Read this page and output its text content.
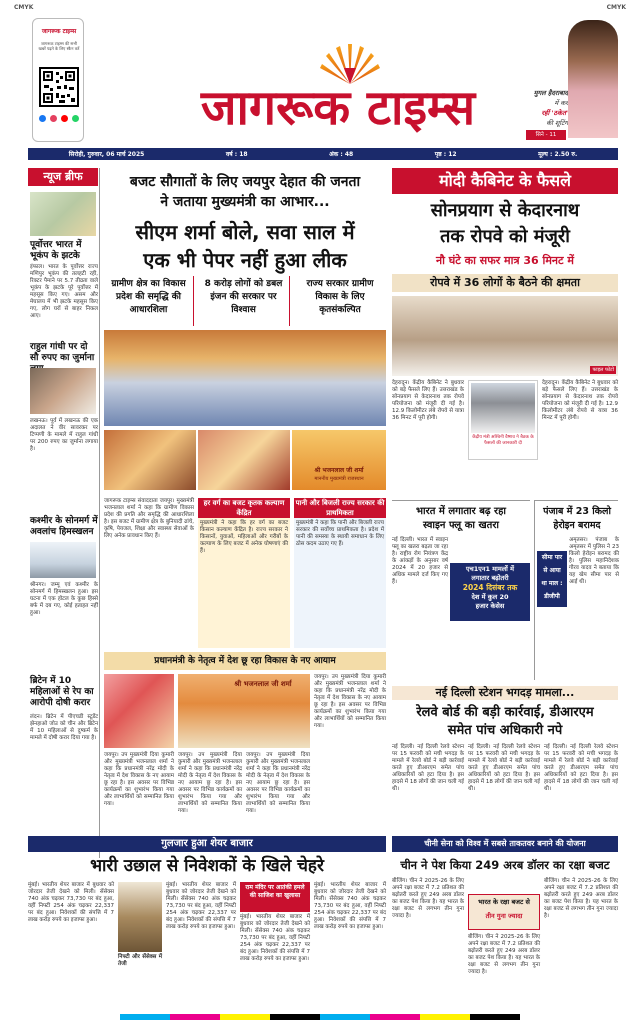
CMYK	CMYK
जागरूक टाइम्स
जागरूक टाइम्स की सभी खबरें पढ़ने के लिए स्कैन करें
जागरूक टाइम्स	मुगल हैदराबाद
में कर
रहीं 'ठकेत'
की शूटिंग
सिने - 11
सिरोही, गुरुवार, 06 मार्च 2025	वर्ष : 18	अंक : 48	पृष्ठ : 12	मूल्य : 2.50 रु.
न्यूज ब्रीफ
पूर्वोत्तर भारत में भूकंप के झटके
इंफाल। भारत के पूर्वोत्तर राज्य मणिपुर भूकंप की तलहटी रही, रिक्टर पैमाने पर 5.7 तीव्रता वाले भूकंप के झटके पूरे पूर्वोत्तर में महसूस किए गए। असम और मेघालय में भी झटके महसूस किए गए, लोग घरों से बाहर निकल आए।
राहुल गांधी पर दो सौ रुपए का जुर्माना
लखनऊ। पूर्व में लखनऊ की एक अदालत ने वीर सावरकर पर टिप्पणी के मामले में राहुल गांधी पर 200 रुपए का जुर्माना लगाया है।
कश्मीर के सोनमर्ग में अवलांच हिमस्खलन
श्रीनगर। जम्मू एवं कश्मीर के सोनमर्ग में हिमस्खलन हुआ। इस घटना में एक होटल के कुछ हिस्से बर्फ में दब गए, कोई हताहत नहीं हुआ।
ब्रिटेन में 10 महिलाओं से रेप का आरोपी दोषी करार
लंदन। ब्रिटेन में पीएचडी स्टूडेंट झेनहाओ जोउ को चीन और ब्रिटेन में 10 महिलाओं से दुष्कर्म के मामले में दोषी करार दिया गया है।
बजट सौगातों के लिए जयपुर देहात की जनता
ने जताया मुख्यमंत्री का आभार...
सीएम शर्मा बोले, सवा साल में
एक भी पेपर नहीं हुआ लीक
ग्रामीण क्षेत्र का विकास प्रदेश की समृद्धि की आधारशिला
8 करोड़ लोगों को डबल इंजन की सरकार पर विश्वास
राज्य सरकार ग्रामीण विकास के लिए कृतसंकल्पित
श्री भजनलाल जी शर्मा
माननीय मुख्यमंत्री राजस्थान
जागरूक टाइम्स संवाददाता जयपुर। मुख्यमंत्री भजनलाल शर्मा ने कहा कि ग्रामीण विकास प्रदेश की प्रगति और समृद्धि की आधारशिला है। इस बजट में ग्रामीण क्षेत्र के बुनियादी ढांचे, कृषि, पेयजल, शिक्षा और स्वास्थ्य सेवाओं के लिए अनेक प्रावधान किए हैं।
हर वर्ग का बजट कृतक कल्याण केंद्रित
मुख्यमंत्री ने कहा कि हर वर्ग का बजट किसान कल्याण केंद्रित है। राज्य सरकार ने किसानों, युवाओं, महिलाओं और गरीबों के कल्याण के लिए बजट में अनेक घोषणाएं की हैं।
पानी और बिजली राज्य सरकार की प्राथमिकता
मुख्यमंत्री ने कहा कि पानी और बिजली राज्य सरकार की सर्वोच्च प्राथमिकता है। प्रदेश में पानी की समस्या के स्थायी समाधान के लिए ठोस कदम उठाए गए हैं।
मोदी कैबिनेट के फैसले
सोनप्रयाग से केदारनाथ
तक रोपवे को मंजूरी
नौ घंटे का सफर मात्र 36 मिनट में
रोपवे में 36 लोगों के बैठने की क्षमता
फाइल फोटो
देहरादून। केंद्रीय कैबिनेट ने बुधवार को बड़े फैसले लिए हैं। उत्तराखंड के सोनप्रयाग से केदारनाथ तक रोपवे परियोजना को मंजूरी दी गई है। 12.9 किलोमीटर लंबे रोपवे से यात्रा 36 मिनट में पूरी होगी।
केंद्रीय मंत्री अश्विनी वैष्णव ने बैठक के फैसलों की जानकारी दी
देहरादून। केंद्रीय कैबिनेट ने बुधवार को बड़े फैसले लिए हैं। उत्तराखंड के सोनप्रयाग से केदारनाथ तक रोपवे परियोजना को मंजूरी दी गई है। 12.9 किलोमीटर लंबे रोपवे से यात्रा 36 मिनट में पूरी होगी।
भारत में लगातार बढ़ रहा
स्वाइन फ्लू का खतरा
नई दिल्ली। भारत में स्वाइन फ्लू का खतरा बढ़ता जा रहा है। राष्ट्रीय रोग नियंत्रण केंद्र के आंकड़ों के अनुसार वर्ष 2024 में 20 हजार से अधिक मामले दर्ज किए गए हैं।
एच1एन1 मामलों में
लगातार बढ़ोतरी
2024 दिसंबर तक
देश में कुल 20
हजार केसेस
पंजाब में 23 किलो
हेरोइन बरामद
अमृतसर। पंजाब के अमृतसर में पुलिस ने 23 किलो हेरोइन बरामद की है। पुलिस महानिदेशक गौरव यादव ने बताया कि यह खेप सीमा पार से आई थी।
सीमा पार
से आया
था माल :
डीजीपी
प्रधानमंत्री के नेतृत्व में देश छू रहा विकास के नए आयाम
जयपुर। उप मुख्यमंत्री दिया कुमारी और मुख्यमंत्री भजनलाल शर्मा ने कहा कि प्रधानमंत्री नरेंद्र मोदी के नेतृत्व में देश विकास के नए आयाम छू रहा है। इस अवसर पर विभिन्न कार्यक्रमों का शुभारंभ किया गया और लाभार्थियों को सम्मानित किया गया।
श्री भजनलाल जी शर्मा
जयपुर। उप मुख्यमंत्री दिया कुमारी और मुख्यमंत्री भजनलाल शर्मा ने कहा कि प्रधानमंत्री नरेंद्र मोदी के नेतृत्व में देश विकास के नए आयाम छू रहा है। इस अवसर पर विभिन्न कार्यक्रमों का शुभारंभ किया गया और लाभार्थियों को सम्मानित किया गया।
जयपुर। उप मुख्यमंत्री दिया कुमारी और मुख्यमंत्री भजनलाल शर्मा ने कहा कि प्रधानमंत्री नरेंद्र मोदी के नेतृत्व में देश विकास के नए आयाम छू रहा है। इस अवसर पर विभिन्न कार्यक्रमों का शुभारंभ किया गया और लाभार्थियों को सम्मानित किया गया।
जयपुर। उप मुख्यमंत्री दिया कुमारी और मुख्यमंत्री भजनलाल शर्मा ने कहा कि प्रधानमंत्री नरेंद्र मोदी के नेतृत्व में देश विकास के नए आयाम छू रहा है। इस अवसर पर विभिन्न कार्यक्रमों का शुभारंभ किया गया और लाभार्थियों को सम्मानित किया गया।
नई दिल्ली स्टेशन भगदड़ मामला...
रेलवे बोर्ड की बड़ी कार्रवाई, डीआरएम
समेत पांच अधिकारी नपे
नई दिल्ली। नई दिल्ली रेलवे स्टेशन पर 15 फरवरी को मची भगदड़ के मामले में रेलवे बोर्ड ने बड़ी कार्रवाई करते हुए डीआरएम समेत पांच अधिकारियों को हटा दिया है। इस हादसे में 18 लोगों की जान चली गई थी।
नई दिल्ली। नई दिल्ली रेलवे स्टेशन पर 15 फरवरी को मची भगदड़ के मामले में रेलवे बोर्ड ने बड़ी कार्रवाई करते हुए डीआरएम समेत पांच अधिकारियों को हटा दिया है। इस हादसे में 18 लोगों की जान चली गई थी।
नई दिल्ली। नई दिल्ली रेलवे स्टेशन पर 15 फरवरी को मची भगदड़ के मामले में रेलवे बोर्ड ने बड़ी कार्रवाई करते हुए डीआरएम समेत पांच अधिकारियों को हटा दिया है। इस हादसे में 18 लोगों की जान चली गई थी।
गुलजार हुआ शेयर बाजार
भारी उछाल से निवेशकों के खिले चेहरे
मुंबई। भारतीय शेयर बाजार में बुधवार को जोरदार तेजी देखने को मिली। सेंसेक्स 740 अंक चढ़कर 73,730 पर बंद हुआ, वहीं निफ्टी 254 अंक चढ़कर 22,337 पर बंद हुआ। निवेशकों की संपत्ति में 7 लाख करोड़ रुपये का इजाफा हुआ।
निफ्टी और सेंसेक्स में तेजी
मुंबई। भारतीय शेयर बाजार में बुधवार को जोरदार तेजी देखने को मिली। सेंसेक्स 740 अंक चढ़कर 73,730 पर बंद हुआ, वहीं निफ्टी 254 अंक चढ़कर 22,337 पर बंद हुआ। निवेशकों की संपत्ति में 7 लाख करोड़ रुपये का इजाफा हुआ।
राम मंदिर पर आतंकी हमले की साजिश का खुलासा
मुंबई। भारतीय शेयर बाजार में बुधवार को जोरदार तेजी देखने को मिली। सेंसेक्स 740 अंक चढ़कर 73,730 पर बंद हुआ, वहीं निफ्टी 254 अंक चढ़कर 22,337 पर बंद हुआ। निवेशकों की संपत्ति में 7 लाख करोड़ रुपये का इजाफा हुआ।
मुंबई। भारतीय शेयर बाजार में बुधवार को जोरदार तेजी देखने को मिली। सेंसेक्स 740 अंक चढ़कर 73,730 पर बंद हुआ, वहीं निफ्टी 254 अंक चढ़कर 22,337 पर बंद हुआ। निवेशकों की संपत्ति में 7 लाख करोड़ रुपये का इजाफा हुआ।
चीनी सेना को विश्व में सबसे ताकतवर बनाने की योजना
चीन ने पेश किया 249 अरब डॉलर का रक्षा बजट
बीजिंग। चीन ने 2025-26 के लिए अपने रक्षा बजट में 7.2 प्रतिशत की बढ़ोतरी करते हुए 249 अरब डॉलर का बजट पेश किया है। यह भारत के रक्षा बजट से लगभग तीन गुना ज्यादा है।
भारत के रक्षा बजट से
तीन गुना ज्यादा
बीजिंग। चीन ने 2025-26 के लिए अपने रक्षा बजट में 7.2 प्रतिशत की बढ़ोतरी करते हुए 249 अरब डॉलर का बजट पेश किया है। यह भारत के रक्षा बजट से लगभग तीन गुना ज्यादा है।
बीजिंग। चीन ने 2025-26 के लिए अपने रक्षा बजट में 7.2 प्रतिशत की बढ़ोतरी करते हुए 249 अरब डॉलर का बजट पेश किया है। यह भारत के रक्षा बजट से लगभग तीन गुना ज्यादा है।
